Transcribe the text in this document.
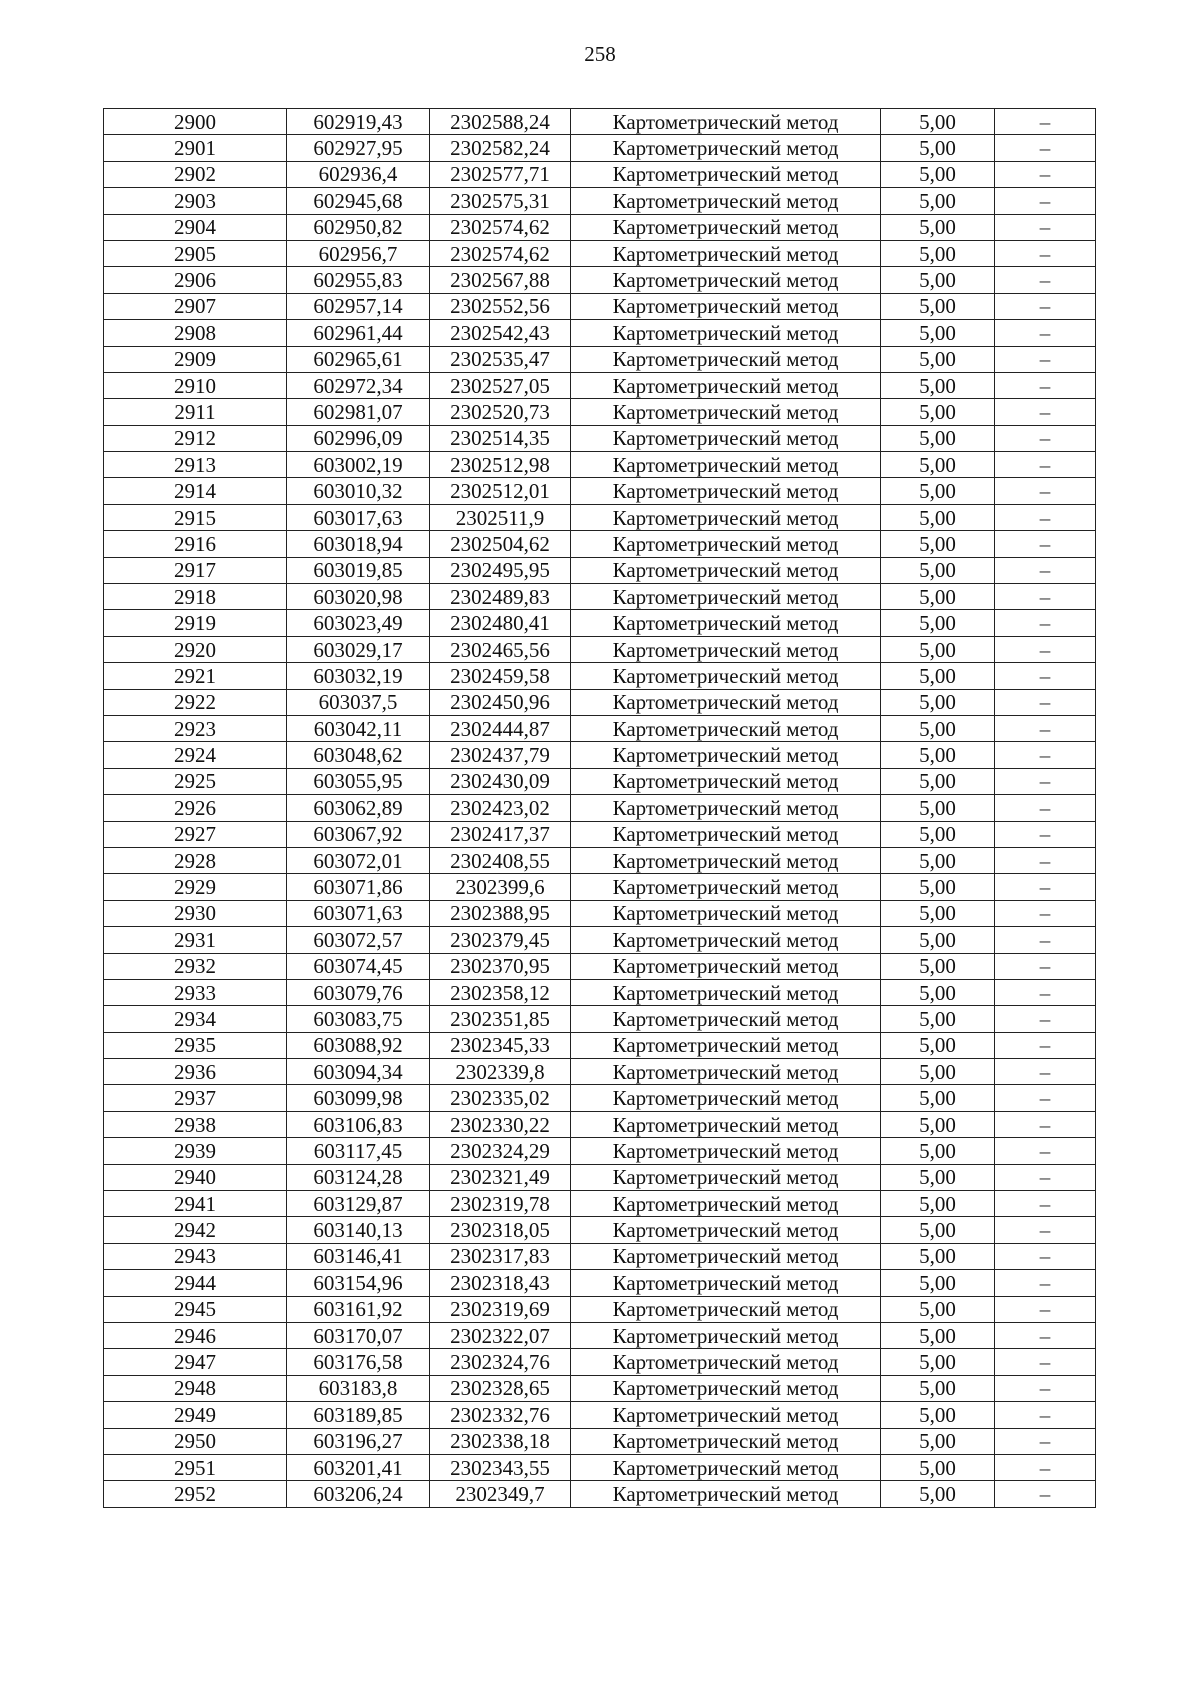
258
2900	602919,43	2302588,24	Картометрический метод	5,00	–
2901	602927,95	2302582,24	Картометрический метод	5,00	–
2902	602936,4	2302577,71	Картометрический метод	5,00	–
2903	602945,68	2302575,31	Картометрический метод	5,00	–
2904	602950,82	2302574,62	Картометрический метод	5,00	–
2905	602956,7	2302574,62	Картометрический метод	5,00	–
2906	602955,83	2302567,88	Картометрический метод	5,00	–
2907	602957,14	2302552,56	Картометрический метод	5,00	–
2908	602961,44	2302542,43	Картометрический метод	5,00	–
2909	602965,61	2302535,47	Картометрический метод	5,00	–
2910	602972,34	2302527,05	Картометрический метод	5,00	–
2911	602981,07	2302520,73	Картометрический метод	5,00	–
2912	602996,09	2302514,35	Картометрический метод	5,00	–
2913	603002,19	2302512,98	Картометрический метод	5,00	–
2914	603010,32	2302512,01	Картометрический метод	5,00	–
2915	603017,63	2302511,9	Картометрический метод	5,00	–
2916	603018,94	2302504,62	Картометрический метод	5,00	–
2917	603019,85	2302495,95	Картометрический метод	5,00	–
2918	603020,98	2302489,83	Картометрический метод	5,00	–
2919	603023,49	2302480,41	Картометрический метод	5,00	–
2920	603029,17	2302465,56	Картометрический метод	5,00	–
2921	603032,19	2302459,58	Картометрический метод	5,00	–
2922	603037,5	2302450,96	Картометрический метод	5,00	–
2923	603042,11	2302444,87	Картометрический метод	5,00	–
2924	603048,62	2302437,79	Картометрический метод	5,00	–
2925	603055,95	2302430,09	Картометрический метод	5,00	–
2926	603062,89	2302423,02	Картометрический метод	5,00	–
2927	603067,92	2302417,37	Картометрический метод	5,00	–
2928	603072,01	2302408,55	Картометрический метод	5,00	–
2929	603071,86	2302399,6	Картометрический метод	5,00	–
2930	603071,63	2302388,95	Картометрический метод	5,00	–
2931	603072,57	2302379,45	Картометрический метод	5,00	–
2932	603074,45	2302370,95	Картометрический метод	5,00	–
2933	603079,76	2302358,12	Картометрический метод	5,00	–
2934	603083,75	2302351,85	Картометрический метод	5,00	–
2935	603088,92	2302345,33	Картометрический метод	5,00	–
2936	603094,34	2302339,8	Картометрический метод	5,00	–
2937	603099,98	2302335,02	Картометрический метод	5,00	–
2938	603106,83	2302330,22	Картометрический метод	5,00	–
2939	603117,45	2302324,29	Картометрический метод	5,00	–
2940	603124,28	2302321,49	Картометрический метод	5,00	–
2941	603129,87	2302319,78	Картометрический метод	5,00	–
2942	603140,13	2302318,05	Картометрический метод	5,00	–
2943	603146,41	2302317,83	Картометрический метод	5,00	–
2944	603154,96	2302318,43	Картометрический метод	5,00	–
2945	603161,92	2302319,69	Картометрический метод	5,00	–
2946	603170,07	2302322,07	Картометрический метод	5,00	–
2947	603176,58	2302324,76	Картометрический метод	5,00	–
2948	603183,8	2302328,65	Картометрический метод	5,00	–
2949	603189,85	2302332,76	Картометрический метод	5,00	–
2950	603196,27	2302338,18	Картометрический метод	5,00	–
2951	603201,41	2302343,55	Картометрический метод	5,00	–
2952	603206,24	2302349,7	Картометрический метод	5,00	–
